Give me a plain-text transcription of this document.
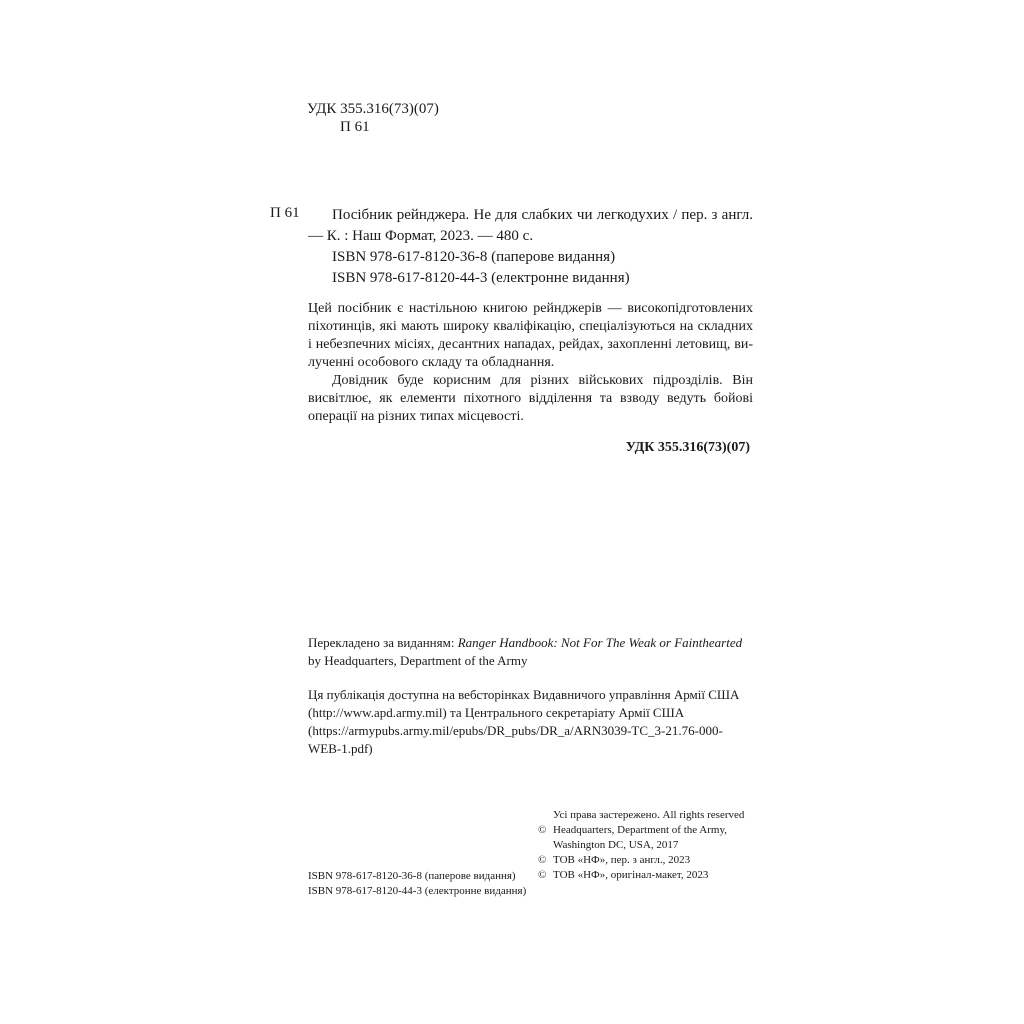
УДК 355.316(73)(07)
П 61
П 61	Посібник рейнджера. Не для слабких чи легкодухих / пер. з англ. — К. : Наш Формат, 2023. — 480 с.
ISBN 978-617-8120-36-8 (паперове видання)
ISBN 978-617-8120-44-3 (електронне видання)

Цей посібник є настільною книгою рейнджерів — високопідготовлених піхотинців, які мають широку кваліфікацію, спеціалізуються на складних і небезпечних місіях, десантних нападах, рейдах, захопленні летовищ, вилученні особового складу та обладнання.

Довідник буде корисним для різних військових підрозділів. Він висвітлює, як елементи піхотного відділення та взводу ведуть бойові операції на різних типах місцевості.

УДК 355.316(73)(07)
Перекладено за виданням: Ranger Handbook: Not For The Weak or Fainthearted by Headquarters, Department of the Army
Ця публікація доступна на вебсторінках Видавничого управління Армії США (http://www.apd.army.mil) та Центрального секретаріату Армії США (https://armypubs.army.mil/epubs/DR_pubs/DR_a/ARN3039-TC_3-21.76-000-WEB-1.pdf)
ISBN 978-617-8120-36-8 (паперове видання)
ISBN 978-617-8120-44-3 (електронне видання)
Усі права застережено. All rights reserved
© Headquarters, Department of the Army, Washington DC, USA, 2017
© ТОВ «НФ», пер. з англ., 2023
© ТОВ «НФ», оригінал-макет, 2023
